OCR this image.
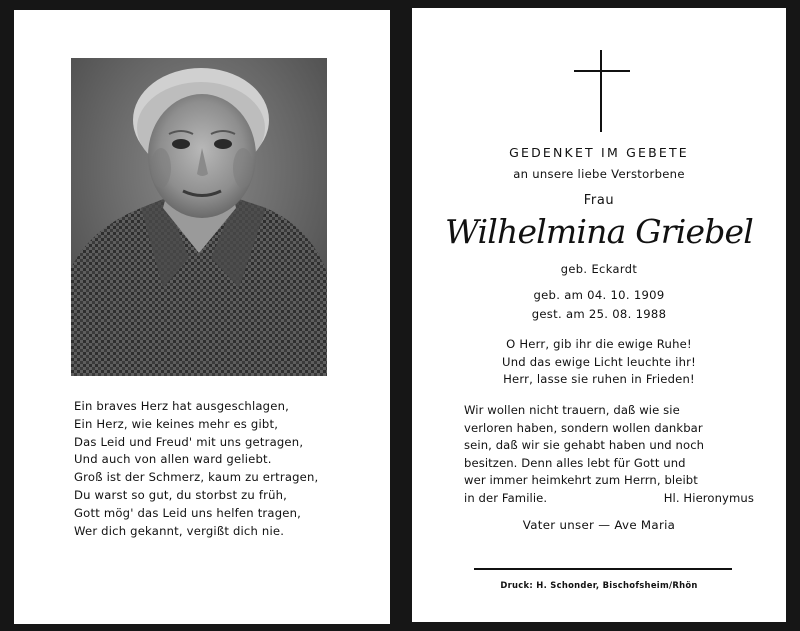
Ein braves Herz hat ausgeschlagen,
Ein Herz, wie keines mehr es gibt,
Das Leid und Freud' mit uns getragen,
Und auch von allen ward geliebt.
Groß ist der Schmerz, kaum zu ertragen,
Du warst so gut, du storbst zu früh,
Gott mög' das Leid uns helfen tragen,
Wer dich gekannt, vergißt dich nie.
GEDENKET IM GEBETE
an unsere liebe Verstorbene
Frau
Wilhelmina Griebel
geb. Eckardt
geb. am 04. 10. 1909
gest. am 25. 08. 1988
O Herr, gib ihr die ewige Ruhe!
Und das ewige Licht leuchte ihr!
Herr, lasse sie ruhen in Frieden!
Wir wollen nicht trauern, daß wie sie
verloren haben, sondern wollen dankbar
sein, daß wir sie gehabt haben und noch
besitzen. Denn alles lebt für Gott und
wer immer heimkehrt zum Herrn, bleibt
in der Familie.	Hl. Hieronymus
Vater unser — Ave Maria
Druck: H. Schonder, Bischofsheim/Rhön
